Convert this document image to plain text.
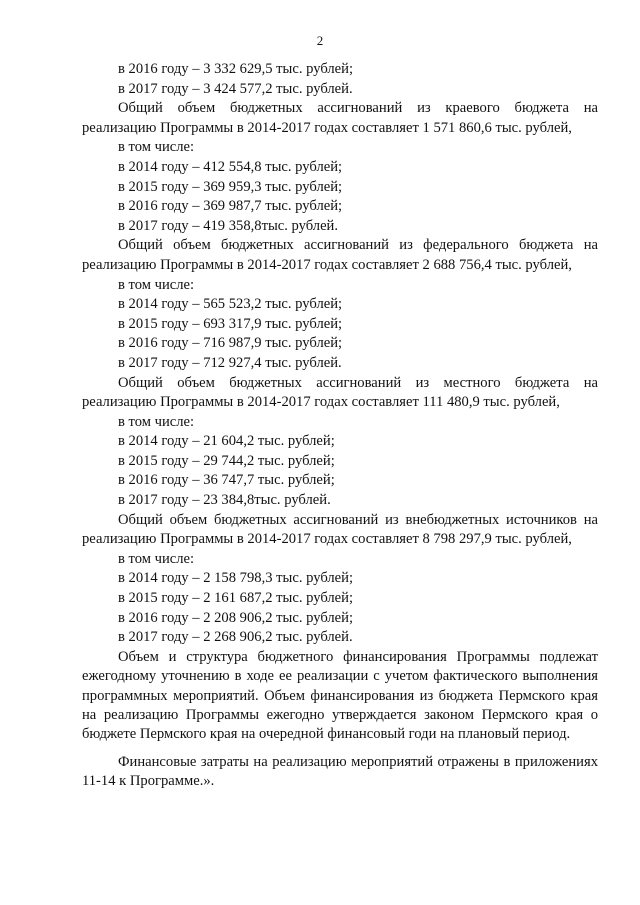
2
в 2016 году – 3 332 629,5 тыс. рублей;
в 2017 году – 3 424 577,2 тыс. рублей.

Общий объем бюджетных ассигнований из краевого бюджета на реализацию Программы в 2014-2017 годах составляет 1 571 860,6 тыс. рублей,

в том числе:
в 2014 году – 412 554,8 тыс. рублей;
в 2015 году – 369 959,3 тыс. рублей;
в 2016 году – 369 987,7 тыс. рублей;
в 2017 году – 419 358,8тыс. рублей.

Общий объем бюджетных ассигнований из федерального бюджета на реализацию Программы в 2014-2017 годах составляет 2 688 756,4 тыс. рублей,

в том числе:
в 2014 году – 565 523,2 тыс. рублей;
в 2015 году – 693 317,9 тыс. рублей;
в 2016 году – 716 987,9 тыс. рублей;
в 2017 году – 712 927,4 тыс. рублей.

Общий объем бюджетных ассигнований из местного бюджета на реализацию Программы в 2014-2017 годах составляет 111 480,9 тыс. рублей,

в том числе:
в 2014 году – 21 604,2 тыс. рублей;
в 2015 году – 29 744,2 тыс. рублей;
в 2016 году – 36 747,7 тыс. рублей;
в 2017 году – 23 384,8тыс. рублей.

Общий объем бюджетных ассигнований из внебюджетных источников на реализацию Программы в 2014-2017 годах составляет 8 798 297,9 тыс. рублей,

в том числе:
в 2014 году – 2 158 798,3 тыс. рублей;
в 2015 году – 2 161 687,2 тыс. рублей;
в 2016 году – 2 208 906,2 тыс. рублей;
в 2017 году – 2 268 906,2 тыс. рублей.

Объем и структура бюджетного финансирования Программы подлежат ежегодному уточнению в ходе ее реализации с учетом фактического выполнения программных мероприятий. Объем финансирования из бюджета Пермского края на реализацию Программы ежегодно утверждается законом Пермского края о бюджете Пермского края на очередной финансовый годи на плановый период.

Финансовые затраты на реализацию мероприятий отражены в приложениях 11-14 к Программе.».
